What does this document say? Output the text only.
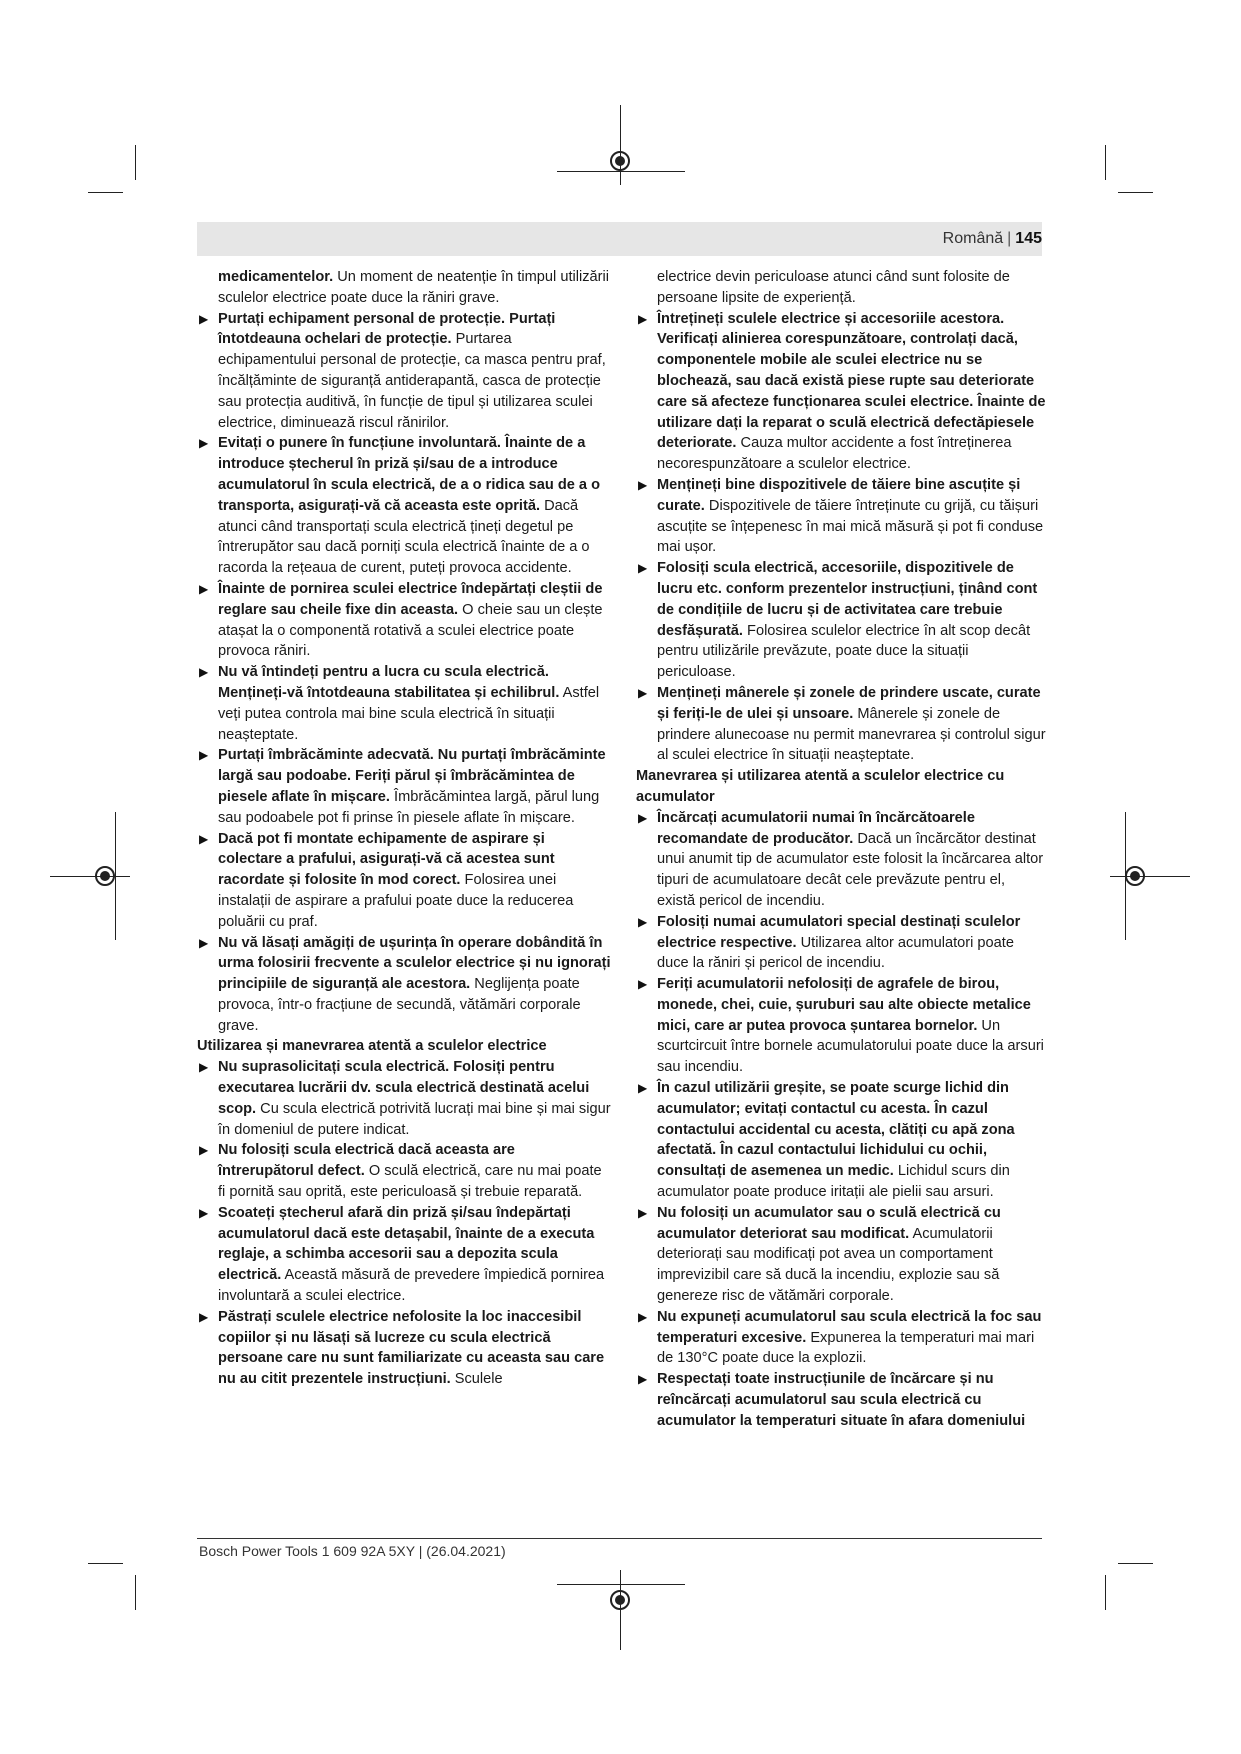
Română | 145

medicamentelor. Un moment de neatenție în timpul utilizării sculelor electrice poate duce la răniri grave.

▶ Purtați echipament personal de protecție. Purtați întotdeauna ochelari de protecție. Purtarea echipamentului personal de protecție, ca masca pentru praf, încălțăminte de siguranță antiderapantă, casca de protecție sau protecția auditivă, în funcție de tipul și utilizarea sculei electrice, diminuează riscul rănirilor.

▶ Evitați o punere în funcțiune involuntară. Înainte de a introduce ștecherul în priză și/sau de a introduce acumulatorul în scula electrică, de a o ridica sau de a o transporta, asigurați-vă că aceasta este oprită. Dacă atunci când transportați scula electrică țineți degetul pe întrerupător sau dacă porniți scula electrică înainte de a o racorda la rețeaua de curent, puteți provoca accidente.

▶ Înainte de pornirea sculei electrice îndepărtați cleștii de reglare sau cheile fixe din aceasta. O cheie sau un clește atașat la o componentă rotativă a sculei electrice poate provoca răniri.

▶ Nu vă întindeți pentru a lucra cu scula electrică. Mențineți-vă întotdeauna stabilitatea și echilibrul. Astfel veți putea controla mai bine scula electrică în situații neașteptate.

▶ Purtați îmbrăcăminte adecvată. Nu purtați îmbrăcăminte largă sau podoabe. Feriți părul și îmbrăcămintea de piesele aflate în mișcare. Îmbrăcămintea largă, părul lung sau podoabele pot fi prinse în piesele aflate în mișcare.

▶ Dacă pot fi montate echipamente de aspirare și colectare a prafului, asigurați-vă că acestea sunt racordate și folosite în mod corect. Folosirea unei instalații de aspirare a prafului poate duce la reducerea poluării cu praf.

▶ Nu vă lăsați amăgiți de ușurința în operare dobândită în urma folosirii frecvente a sculelor electrice și nu ignorați principiile de siguranță ale acestora. Neglijența poate provoca, într-o fracțiune de secundă, vătămări corporale grave.

Utilizarea și manevrarea atentă a sculelor electrice

▶ Nu suprasolicitați scula electrică. Folosiți pentru executarea lucrării dv. scula electrică destinată acelui scop. Cu scula electrică potrivită lucrați mai bine și mai sigur în domeniul de putere indicat.

▶ Nu folosiți scula electrică dacă aceasta are întrerupătorul defect. O sculă electrică, care nu mai poate fi pornită sau oprită, este periculoasă și trebuie reparată.

▶ Scoateți ștecherul afară din priză și/sau îndepărtați acumulatorul dacă este detașabil, înainte de a executa reglaje, a schimba accesorii sau a depozita scula electrică. Această măsură de prevedere împiedică pornirea involuntară a sculei electrice.

▶ Păstrați sculele electrice nefolosite la loc inaccesibil copiilor și nu lăsați să lucreze cu scula electrică persoane care nu sunt familiarizate cu aceasta sau care nu au citit prezentele instrucțiuni. Sculele

electrice devin periculoase atunci când sunt folosite de persoane lipsite de experiență.

▶ Întrețineți sculele electrice și accesoriile acestora. Verificați alinierea corespunzătoare, controlați dacă, componentele mobile ale sculei electrice nu se blochează, sau dacă există piese rupte sau deteriorate care să afecteze funcționarea sculei electrice. Înainte de utilizare dați la reparat o sculă electrică defectăpiesele deteriorate. Cauza multor accidente a fost întreținerea necorespunzătoare a sculelor electrice.

▶ Mențineți bine dispozitivele de tăiere bine ascuțite și curate. Dispozitivele de tăiere întreținute cu grijă, cu tăișuri ascuțite se înțepenesc în mai mică măsură și pot fi conduse mai ușor.

▶ Folosiți scula electrică, accesoriile, dispozitivele de lucru etc. conform prezentelor instrucțiuni, ținând cont de condițiile de lucru și de activitatea care trebuie desfășurată. Folosirea sculelor electrice în alt scop decât pentru utilizările prevăzute, poate duce la situații periculoase.

▶ Mențineți mânerele și zonele de prindere uscate, curate și feriți-le de ulei și unsoare. Mânerele și zonele de prindere alunecoase nu permit manevrarea și controlul sigur al sculei electrice în situații neașteptate.

Manevrarea și utilizarea atentă a sculelor electrice cu acumulator

▶ Încărcați acumulatorii numai în încărcătoarele recomandate de producător. Dacă un încărcător destinat unui anumit tip de acumulator este folosit la încărcarea altor tipuri de acumulatoare decât cele prevăzute pentru el, există pericol de incendiu.

▶ Folosiți numai acumulatori special destinați sculelor electrice respective. Utilizarea altor acumulatori poate duce la răniri și pericol de incendiu.

▶ Feriți acumulatorii nefolosiți de agrafele de birou, monede, chei, cuie, șuruburi sau alte obiecte metalice mici, care ar putea provoca șuntarea bornelor. Un scurtcircuit între bornele acumulatorului poate duce la arsuri sau incendiu.

▶ În cazul utilizării greșite, se poate scurge lichid din acumulator; evitați contactul cu acesta. În cazul contactului accidental cu acesta, clătiți cu apă zona afectată. În cazul contactului lichidului cu ochii, consultați de asemenea un medic. Lichidul scurs din acumulator poate produce iritații ale pielii sau arsuri.

▶ Nu folosiți un acumulator sau o sculă electrică cu acumulator deteriorat sau modificat. Acumulatorii deteriorați sau modificați pot avea un comportament imprevizibil care să ducă la incendiu, explozie sau să genereze risc de vătămări corporale.

▶ Nu expuneți acumulatorul sau scula electrică la foc sau temperaturi excesive. Expunerea la temperaturi mai mari de 130°C poate duce la explozii.

▶ Respectați toate instrucțiunile de încărcare și nu reîncărcați acumulatorul sau scula electrică cu acumulator la temperaturi situate în afara domeniului

Bosch Power Tools 1 609 92A 5XY | (26.04.2021)
